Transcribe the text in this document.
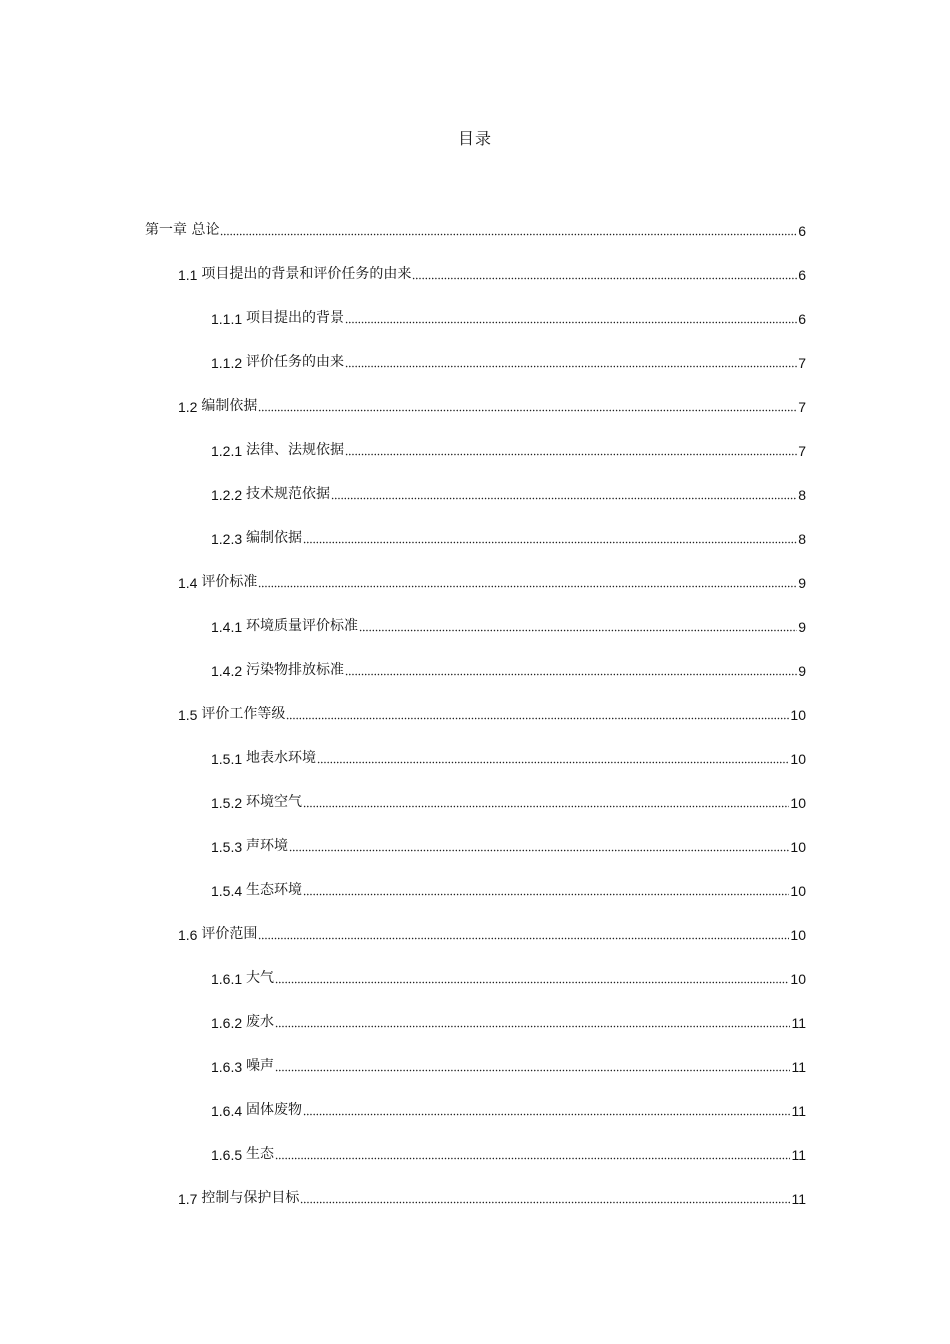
目录
第一章 总论	6
1.1 项目提出的背景和评价任务的由来	6
1.1.1 项目提出的背景	6
1.1.2 评价任务的由来	7
1.2 编制依据	7
1.2.1 法律、法规依据	7
1.2.2 技术规范依据	8
1.2.3 编制依据	8
1.4 评价标准	9
1.4.1 环境质量评价标准	9
1.4.2 污染物排放标准	9
1.5 评价工作等级	10
1.5.1 地表水环境	10
1.5.2 环境空气	10
1.5.3 声环境	10
1.5.4 生态环境	10
1.6 评价范围	10
1.6.1 大气	10
1.6.2 废水	11
1.6.3 噪声	11
1.6.4 固体废物	11
1.6.5 生态	11
1.7 控制与保护目标	11
